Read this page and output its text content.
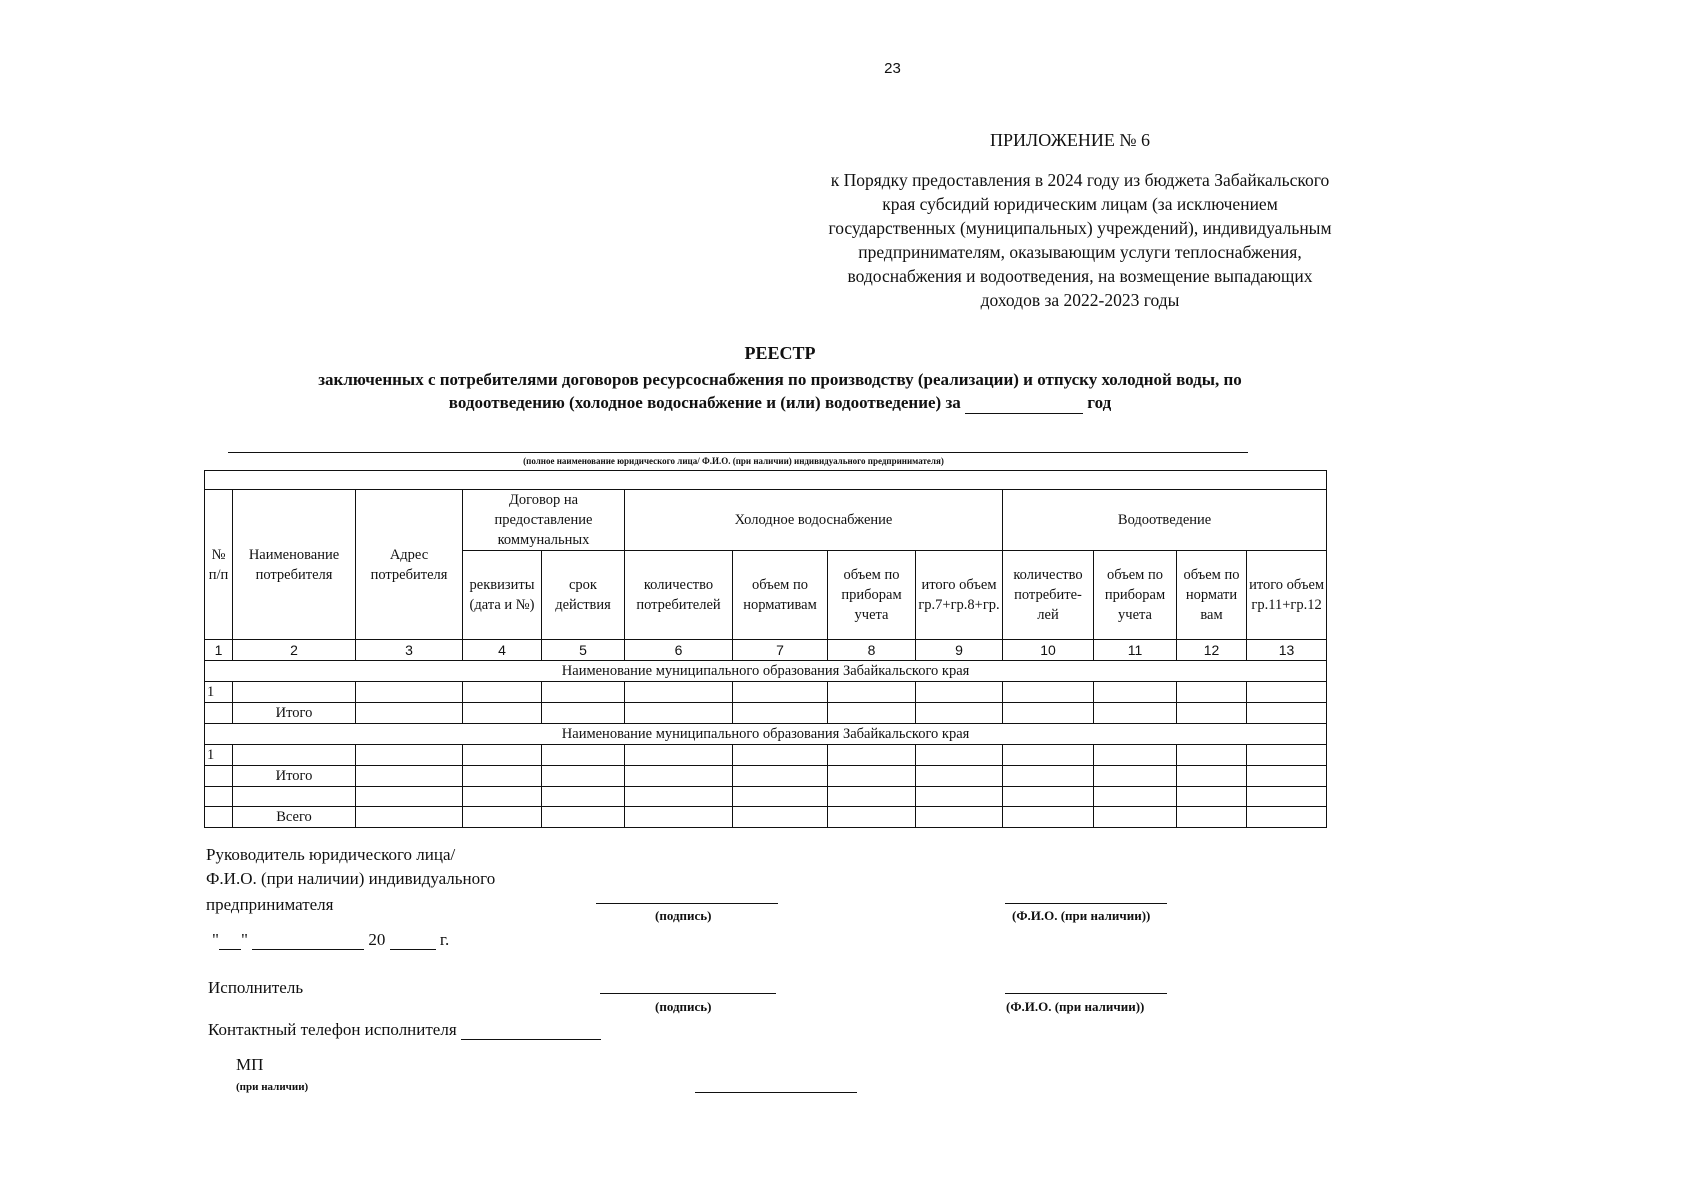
23
ПРИЛОЖЕНИЕ № 6
к Порядку предоставления в 2024 году из бюджета Забайкальского края субсидий юридическим лицам (за исключением государственных (муниципальных) учреждений), индивидуальным предпринимателям, оказывающим услуги теплоснабжения, водоснабжения и водоотведения, на возмещение выпадающих доходов за 2022-2023 годы
РЕЕСТР
заключенных с потребителями договоров ресурсоснабжения по производству (реализации) и отпуску холодной воды, по
водоотведению (холодное водоснабжение и (или) водоотведение) за	год
(полное наименование юридического лица/ Ф.И.О. (при наличии) индивидуального предпринимателя)

№ п/п	Наименование потребителя	Адрес потребителя	Договор на предоставление коммунальных		Холодное водоснабжение				Водоотведение			
			реквизиты (дата и №)	срок действия	количество потребителей	объем по нормативам	объем по приборам учета	итого объем гр.7+гр.8+гр.	количество потребите-лей	объем по приборам учета	объем по нормати вам	итого объем гр.11+гр.12
1	2	3	4	5	6	7	8	9	10	11	12	13
Наименование муниципального образования Забайкальского края												
1												
	Итого											
Наименование муниципального образования Забайкальского края												
1												
	Итого											

	Всего											
Руководитель юридического лица/
Ф.И.О. (при наличии) индивидуального
предпринимателя
(подпись)	(Ф.И.О. (при наличии))
" "	20	г.
Исполнитель
(подпись)	(Ф.И.О. (при наличии))
Контактный телефон исполнителя
МП
(при наличии)
